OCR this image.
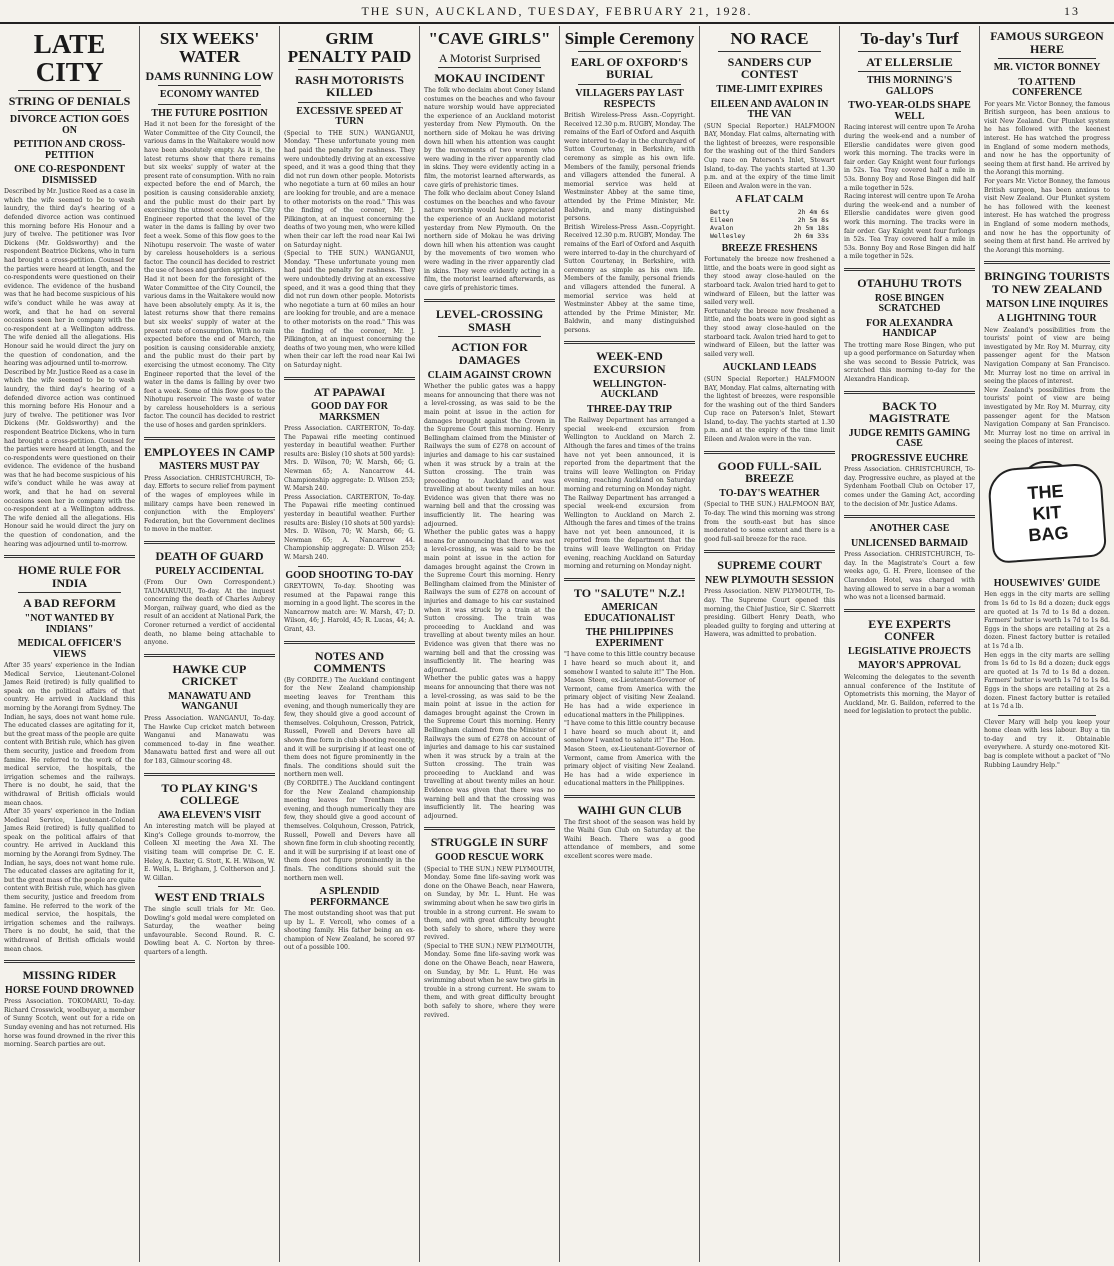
THE SUN, AUCKLAND, TUESDAY, FEBRUARY 21, 1928.	13
LATE CITY
STRING OF DENIALS
DIVORCE ACTION GOES ON
PETITION AND CROSS-PETITION
ONE CO-RESPONDENT DISMISSED

Described by Mr. Justice Reed as a case in which the wife seemed to be to wash laundry, the third day's hearing of a defended divorce action was continued this morning before His Honour and a jury of twelve. The petitioner was Ivor Dickens (Mr. Goldsworthy) and the respondent Beatrice Dickens, who in turn had brought a cross-petition. Counsel for the parties were heard at length, and the co-respondents were questioned on their evidence. The evidence of the husband was that he had become suspicious of his wife's conduct while he was away at work, and that he had on several occasions seen her in company with the co-respondent at a Wellington address. The wife denied all the allegations. His Honour said he would direct the jury on the question of condonation, and the hearing was adjourned until to-morrow.

Described by Mr. Justice Reed as a case in which the wife seemed to be to wash laundry, the third day's hearing of a defended divorce action was continued this morning before His Honour and a jury of twelve. The petitioner was Ivor Dickens (Mr. Goldsworthy) and the respondent Beatrice Dickens, who in turn had brought a cross-petition. Counsel for the parties were heard at length, and the co-respondents were questioned on their evidence. The evidence of the husband was that he had become suspicious of his wife's conduct while he was away at work, and that he had on several occasions seen her in company with the co-respondent at a Wellington address. The wife denied all the allegations. His Honour said he would direct the jury on the question of condonation, and the hearing was adjourned until to-morrow.

HOME RULE FOR INDIA
A BAD REFORM
"NOT WANTED BY INDIANS"
MEDICAL OFFICER'S VIEWS

After 35 years' experience in the Indian Medical Service, Lieutenant-Colonel James Reid (retired) is fully qualified to speak on the political affairs of that country. He arrived in Auckland this morning by the Aorangi from Sydney. The Indian, he says, does not want home rule. The educated classes are agitating for it, but the great mass of the people are quite content with British rule, which has given them security, justice and freedom from famine. He referred to the work of the medical service, the hospitals, the irrigation schemes and the railways. There is no doubt, he said, that the withdrawal of British officials would mean chaos.

After 35 years' experience in the Indian Medical Service, Lieutenant-Colonel James Reid (retired) is fully qualified to speak on the political affairs of that country. He arrived in Auckland this morning by the Aorangi from Sydney. The Indian, he says, does not want home rule. The educated classes are agitating for it, but the great mass of the people are quite content with British rule, which has given them security, justice and freedom from famine. He referred to the work of the medical service, the hospitals, the irrigation schemes and the railways. There is no doubt, he said, that the withdrawal of British officials would mean chaos.

MISSING RIDER
HORSE FOUND DROWNED

Press Association. TOKOMARU, To-day. Richard Crosswick, woolbuyer, a member of Sunny Scotch, went out for a ride on Sunday evening and has not returned. His horse was found drowned in the river this morning. Search parties are out.

SIX WEEKS' WATER
DAMS RUNNING LOW
ECONOMY WANTED
THE FUTURE POSITION

Had it not been for the foresight of the Water Committee of the City Council, the various dams in the Waitakere would now have been absolutely empty. As it is, the latest returns show that there remains but six weeks' supply of water at the present rate of consumption. With no rain expected before the end of March, the position is causing considerable anxiety, and the public must do their part by exercising the utmost economy. The City Engineer reported that the level of the water in the dams is falling by over two feet a week. Some of this flow goes to the Nihotupu reservoir. The waste of water by careless householders is a serious factor. The council has decided to restrict the use of hoses and garden sprinklers.

Had it not been for the foresight of the Water Committee of the City Council, the various dams in the Waitakere would now have been absolutely empty. As it is, the latest returns show that there remains but six weeks' supply of water at the present rate of consumption. With no rain expected before the end of March, the position is causing considerable anxiety, and the public must do their part by exercising the utmost economy. The City Engineer reported that the level of the water in the dams is falling by over two feet a week. Some of this flow goes to the Nihotupu reservoir. The waste of water by careless householders is a serious factor. The council has decided to restrict the use of hoses and garden sprinklers.

EMPLOYEES IN CAMP
MASTERS MUST PAY

Press Association. CHRISTCHURCH, To-day. Efforts to secure relief from payment of the wages of employees while in military camps have been renewed in conjunction with the Employers' Federation, but the Government declines to move in the matter.

DEATH OF GUARD
PURELY ACCIDENTAL

(From Our Own Correspondent.) TAUMARUNUI, To-day. At the inquest concerning the death of Charles Aubrey Morgan, railway guard, who died as the result of an accident at National Park, the Coroner returned a verdict of accidental death, no blame being attachable to anyone.

HAWKE CUP CRICKET
MANAWATU AND WANGANUI

Press Association. WANGANUI, To-day. The Hawke Cup cricket match between Wanganui and Manawatu was commenced to-day in fine weather. Manawatu batted first and were all out for 183, Gilmour scoring 48.

TO PLAY KING'S COLLEGE
AWA ELEVEN'S VISIT

An interesting match will be played at King's College grounds to-morrow, the Colleen XI meeting the Awa XI. The visiting team will comprise Dr. C. E. Heley, A. Baxter, G. Stott, K. H. Wilson, W. E. Wells, L. Brigham, J. Coltherson and J. W. Gillan.

WEST END TRIALS

The single scull trials for Mr. Geo. Dowling's gold medal were completed on Saturday, the weather being unfavourable. Second Round. R. C. Dowling beat A. C. Norton by three-quarters of a length.

GRIM PENALTY PAID
RASH MOTORISTS KILLED
EXCESSIVE SPEED AT TURN

(Special to THE SUN.) WANGANUI, Monday. "These unfortunate young men had paid the penalty for rashness. They were undoubtedly driving at an excessive speed, and it was a good thing that they did not run down other people. Motorists who negotiate a turn at 60 miles an hour are looking for trouble, and are a menace to other motorists on the road." This was the finding of the coroner, Mr. J. Pilkington, at an inquest concerning the deaths of two young men, who were killed when their car left the road near Kai Iwi on Saturday night.

(Special to THE SUN.) WANGANUI, Monday. "These unfortunate young men had paid the penalty for rashness. They were undoubtedly driving at an excessive speed, and it was a good thing that they did not run down other people. Motorists who negotiate a turn at 60 miles an hour are looking for trouble, and are a menace to other motorists on the road." This was the finding of the coroner, Mr. J. Pilkington, at an inquest concerning the deaths of two young men, who were killed when their car left the road near Kai Iwi on Saturday night.

AT PAPAWAI
GOOD DAY FOR MARKSMEN

Press Association. CARTERTON, To-day. The Papawai rifle meeting continued yesterday in beautiful weather. Further results are: Bisley (10 shots at 500 yards): Mrs. D. Wilson, 70; W. Marsh, 66; G. Newman 65; A. Nancarrow 44. Championship aggregate: D. Wilson 253; W. Marsh 240.

Press Association. CARTERTON, To-day. The Papawai rifle meeting continued yesterday in beautiful weather. Further results are: Bisley (10 shots at 500 yards): Mrs. D. Wilson, 70; W. Marsh, 66; G. Newman 65; A. Nancarrow 44. Championship aggregate: D. Wilson 253; W. Marsh 240.

GOOD SHOOTING TO-DAY

GREYTOWN, To-day. Shooting was resumed at the Papawai range this morning in a good light. The scores in the Nancarrow match are: W. Marsh, 47; D. Wilson, 46; J. Harold, 45; R. Lucas, 44; A. Grant, 43.

NOTES AND COMMENTS

(By CORDITE.) The Auckland contingent for the New Zealand championship meeting leaves for Trentham this evening, and though numerically they are few, they should give a good account of themselves. Colquhoun, Cresson, Patrick, Russell, Powell and Devers have all shown fine form in club shooting recently, and it will be surprising if at least one of them does not figure prominently in the finals. The conditions should suit the northern men well.

(By CORDITE.) The Auckland contingent for the New Zealand championship meeting leaves for Trentham this evening, and though numerically they are few, they should give a good account of themselves. Colquhoun, Cresson, Patrick, Russell, Powell and Devers have all shown fine form in club shooting recently, and it will be surprising if at least one of them does not figure prominently in the finals. The conditions should suit the northern men well.

A SPLENDID PERFORMANCE

The most outstanding shoot was that put up by L. F. Vercoll, who comes of a shooting family. His father being an ex-champion of New Zealand, he scored 97 out of a possible 100.

"CAVE GIRLS"
A Motorist Surprised
MOKAU INCIDENT

The folk who declaim about Coney Island costumes on the beaches and who favour nature worship would have appreciated the experience of an Auckland motorist yesterday from New Plymouth. On the northern side of Mokau he was driving down hill when his attention was caught by the movements of two women who were wading in the river apparently clad in skins. They were evidently acting in a film, the motorist learned afterwards, as cave girls of prehistoric times.

The folk who declaim about Coney Island costumes on the beaches and who favour nature worship would have appreciated the experience of an Auckland motorist yesterday from New Plymouth. On the northern side of Mokau he was driving down hill when his attention was caught by the movements of two women who were wading in the river apparently clad in skins. They were evidently acting in a film, the motorist learned afterwards, as cave girls of prehistoric times.

LEVEL-CROSSING SMASH
ACTION FOR DAMAGES
CLAIM AGAINST CROWN

Whether the public gates was a happy means for announcing that there was not a level-crossing, as was said to be the main point at issue in the action for damages brought against the Crown in the Supreme Court this morning. Henry Bellingham claimed from the Minister of Railways the sum of £278 on account of injuries and damage to his car sustained when it was struck by a train at the Sutton crossing. The train was proceeding to Auckland and was travelling at about twenty miles an hour. Evidence was given that there was no warning bell and that the crossing was insufficiently lit. The hearing was adjourned.

Whether the public gates was a happy means for announcing that there was not a level-crossing, as was said to be the main point at issue in the action for damages brought against the Crown in the Supreme Court this morning. Henry Bellingham claimed from the Minister of Railways the sum of £278 on account of injuries and damage to his car sustained when it was struck by a train at the Sutton crossing. The train was proceeding to Auckland and was travelling at about twenty miles an hour. Evidence was given that there was no warning bell and that the crossing was insufficiently lit. The hearing was adjourned.

Whether the public gates was a happy means for announcing that there was not a level-crossing, as was said to be the main point at issue in the action for damages brought against the Crown in the Supreme Court this morning. Henry Bellingham claimed from the Minister of Railways the sum of £278 on account of injuries and damage to his car sustained when it was struck by a train at the Sutton crossing. The train was proceeding to Auckland and was travelling at about twenty miles an hour. Evidence was given that there was no warning bell and that the crossing was insufficiently lit. The hearing was adjourned.

STRUGGLE IN SURF
GOOD RESCUE WORK

(Special to THE SUN.) NEW PLYMOUTH, Monday. Some fine life-saving work was done on the Ohawe Beach, near Hawera, on Sunday, by Mr. L. Hunt. He was swimming about when he saw two girls in trouble in a strong current. He swam to them, and with great difficulty brought both safely to shore, where they were revived.

(Special to THE SUN.) NEW PLYMOUTH, Monday. Some fine life-saving work was done on the Ohawe Beach, near Hawera, on Sunday, by Mr. L. Hunt. He was swimming about when he saw two girls in trouble in a strong current. He swam to them, and with great difficulty brought both safely to shore, where they were revived.

Simple Ceremony
EARL OF OXFORD'S BURIAL
VILLAGERS PAY LAST RESPECTS

British Wireless-Press Assn.-Copyright. Received 12.30 p.m. RUGBY, Monday. The remains of the Earl of Oxford and Asquith were interred to-day in the churchyard of Sutton Courtenay, in Berkshire, with ceremony as simple as his own life. Members of the family, personal friends and villagers attended the funeral. A memorial service was held at Westminster Abbey at the same time, attended by the Prime Minister, Mr. Baldwin, and many distinguished persons.

British Wireless-Press Assn.-Copyright. Received 12.30 p.m. RUGBY, Monday. The remains of the Earl of Oxford and Asquith were interred to-day in the churchyard of Sutton Courtenay, in Berkshire, with ceremony as simple as his own life. Members of the family, personal friends and villagers attended the funeral. A memorial service was held at Westminster Abbey at the same time, attended by the Prime Minister, Mr. Baldwin, and many distinguished persons.

WEEK-END EXCURSION
WELLINGTON-AUCKLAND
THREE-DAY TRIP

The Railway Department has arranged a special week-end excursion from Wellington to Auckland on March 2. Although the fares and times of the trains have not yet been announced, it is reported from the department that the trains will leave Wellington on Friday evening, reaching Auckland on Saturday morning and returning on Monday night.

The Railway Department has arranged a special week-end excursion from Wellington to Auckland on March 2. Although the fares and times of the trains have not yet been announced, it is reported from the department that the trains will leave Wellington on Friday evening, reaching Auckland on Saturday morning and returning on Monday night.

TO "SALUTE" N.Z.!
AMERICAN EDUCATIONALIST
THE PHILIPPINES EXPERIMENT

"I have come to this little country because I have heard so much about it, and somehow I wanted to salute it!" The Hon. Mason Steen, ex-Lieutenant-Governor of Vermont, came from America with the primary object of visiting New Zealand. He has had a wide experience in educational matters in the Philippines.

"I have come to this little country because I have heard so much about it, and somehow I wanted to salute it!" The Hon. Mason Steen, ex-Lieutenant-Governor of Vermont, came from America with the primary object of visiting New Zealand. He has had a wide experience in educational matters in the Philippines.

WAIHI GUN CLUB

The first shoot of the season was held by the Waihi Gun Club on Saturday at the Waihi Beach. There was a good attendance of members, and some excellent scores were made.

NO RACE
SANDERS CUP CONTEST
TIME-LIMIT EXPIRES
EILEEN AND AVALON IN THE VAN

(SUN Special Reporter.) HALFMOON BAY, Monday. Flat calms, alternating with the lightest of breezes, were responsible for the washing out of the third Sanders Cup race on Paterson's Inlet, Stewart Island, to-day. The yachts started at 1.30 p.m. and at the expiry of the time limit Eileen and Avalon were in the van.

A FLAT CALM
Betty	2h 4m 6s
Eileen	2h 5m 8s
Avalon	2h 5m 18s
Wellesley	2h 6m 33s
BREEZE FRESHENS

Fortunately the breeze now freshened a little, and the boats were in good sight as they stood away close-hauled on the starboard tack. Avalon tried hard to get to windward of Eileen, but the latter was sailed very well.

Fortunately the breeze now freshened a little, and the boats were in good sight as they stood away close-hauled on the starboard tack. Avalon tried hard to get to windward of Eileen, but the latter was sailed very well.

AUCKLAND LEADS

(SUN Special Reporter.) HALFMOON BAY, Monday. Flat calms, alternating with the lightest of breezes, were responsible for the washing out of the third Sanders Cup race on Paterson's Inlet, Stewart Island, to-day. The yachts started at 1.30 p.m. and at the expiry of the time limit Eileen and Avalon were in the van.

GOOD FULL-SAIL BREEZE
TO-DAY'S WEATHER

(Special to THE SUN.) HALFMOON BAY, To-day. The wind this morning was strong from the south-east but has since moderated to some extent and there is a good full-sail breeze for the race.

SUPREME COURT
NEW PLYMOUTH SESSION

Press Association. NEW PLYMOUTH, To-day. The Supreme Court opened this morning, the Chief Justice, Sir C. Skerrett presiding. Gilbert Henry Death, who pleaded guilty to forging and uttering at Hawera, was admitted to probation.

To-day's Turf
AT ELLERSLIE
THIS MORNING'S GALLOPS
TWO-YEAR-OLDS SHAPE WELL

Racing interest will centre upon Te Aroha during the week-end and a number of Ellerslie candidates were given good work this morning. The tracks were in fair order. Gay Knight went four furlongs in 52s. Tea Tray covered half a mile in 53s. Bonny Boy and Rose Bingen did half a mile together in 52s.

Racing interest will centre upon Te Aroha during the week-end and a number of Ellerslie candidates were given good work this morning. The tracks were in fair order. Gay Knight went four furlongs in 52s. Tea Tray covered half a mile in 53s. Bonny Boy and Rose Bingen did half a mile together in 52s.

OTAHUHU TROTS
ROSE BINGEN SCRATCHED
FOR ALEXANDRA HANDICAP

The trotting mare Rose Bingen, who put up a good performance on Saturday when she was second to Bessie Patrick, was scratched this morning to-day for the Alexandra Handicap.

BACK TO MAGISTRATE
JUDGE REMITS GAMING CASE
PROGRESSIVE EUCHRE

Press Association. CHRISTCHURCH, To-day. Progressive euchre, as played at the Sydenham Football Club on October 17, comes under the Gaming Act, according to the decision of Mr. Justice Adams.

ANOTHER CASE
UNLICENSED BARMAID

Press Association. CHRISTCHURCH, To-day. In the Magistrate's Court a few weeks ago, G. H. Frere, licensee of the Clarendon Hotel, was charged with having allowed to serve in a bar a woman who was not a licensed barmaid.

EYE EXPERTS CONFER
LEGISLATIVE PROJECTS
MAYOR'S APPROVAL

Welcoming the delegates to the seventh annual conference of the Institute of Optometrists this morning, the Mayor of Auckland, Mr. G. Baildon, referred to the need for legislation to protect the public.

FAMOUS SURGEON HERE
MR. VICTOR BONNEY
TO ATTEND CONFERENCE

For years Mr. Victor Bonney, the famous British surgeon, has been anxious to visit New Zealand. Our Plunket system he has followed with the keenest interest. He has watched the progress in England of some modern methods, and now he has the opportunity of seeing them at first hand. He arrived by the Aorangi this morning.

For years Mr. Victor Bonney, the famous British surgeon, has been anxious to visit New Zealand. Our Plunket system he has followed with the keenest interest. He has watched the progress in England of some modern methods, and now he has the opportunity of seeing them at first hand. He arrived by the Aorangi this morning.

BRINGING TOURISTS TO NEW ZEALAND
MATSON LINE INQUIRES
A LIGHTNING TOUR

New Zealand's possibilities from the tourists' point of view are being investigated by Mr. Roy M. Murray, city passenger agent for the Matson Navigation Company at San Francisco. Mr. Murray lost no time on arrival in seeing the places of interest.

New Zealand's possibilities from the tourists' point of view are being investigated by Mr. Roy M. Murray, city passenger agent for the Matson Navigation Company at San Francisco. Mr. Murray lost no time on arrival in seeing the places of interest.

THE
KIT
BAG
HOUSEWIVES' GUIDE

Hen eggs in the city marts are selling from 1s 6d to 1s 8d a dozen; duck eggs are quoted at 1s 7d to 1s 8d a dozen. Farmers' butter is worth 1s 7d to 1s 8d. Eggs in the shops are retailing at 2s a dozen. Finest factory butter is retailed at 1s 7d a lb.

Hen eggs in the city marts are selling from 1s 6d to 1s 8d a dozen; duck eggs are quoted at 1s 7d to 1s 8d a dozen. Farmers' butter is worth 1s 7d to 1s 8d. Eggs in the shops are retailing at 2s a dozen. Finest factory butter is retailed at 1s 7d a lb.

Clever Mary will help you keep your home clean with less labour. Buy a tin to-day and try it. Obtainable everywhere. A sturdy one-motored Kit-bag is complete without a packet of "No Rubbing Laundry Help."
